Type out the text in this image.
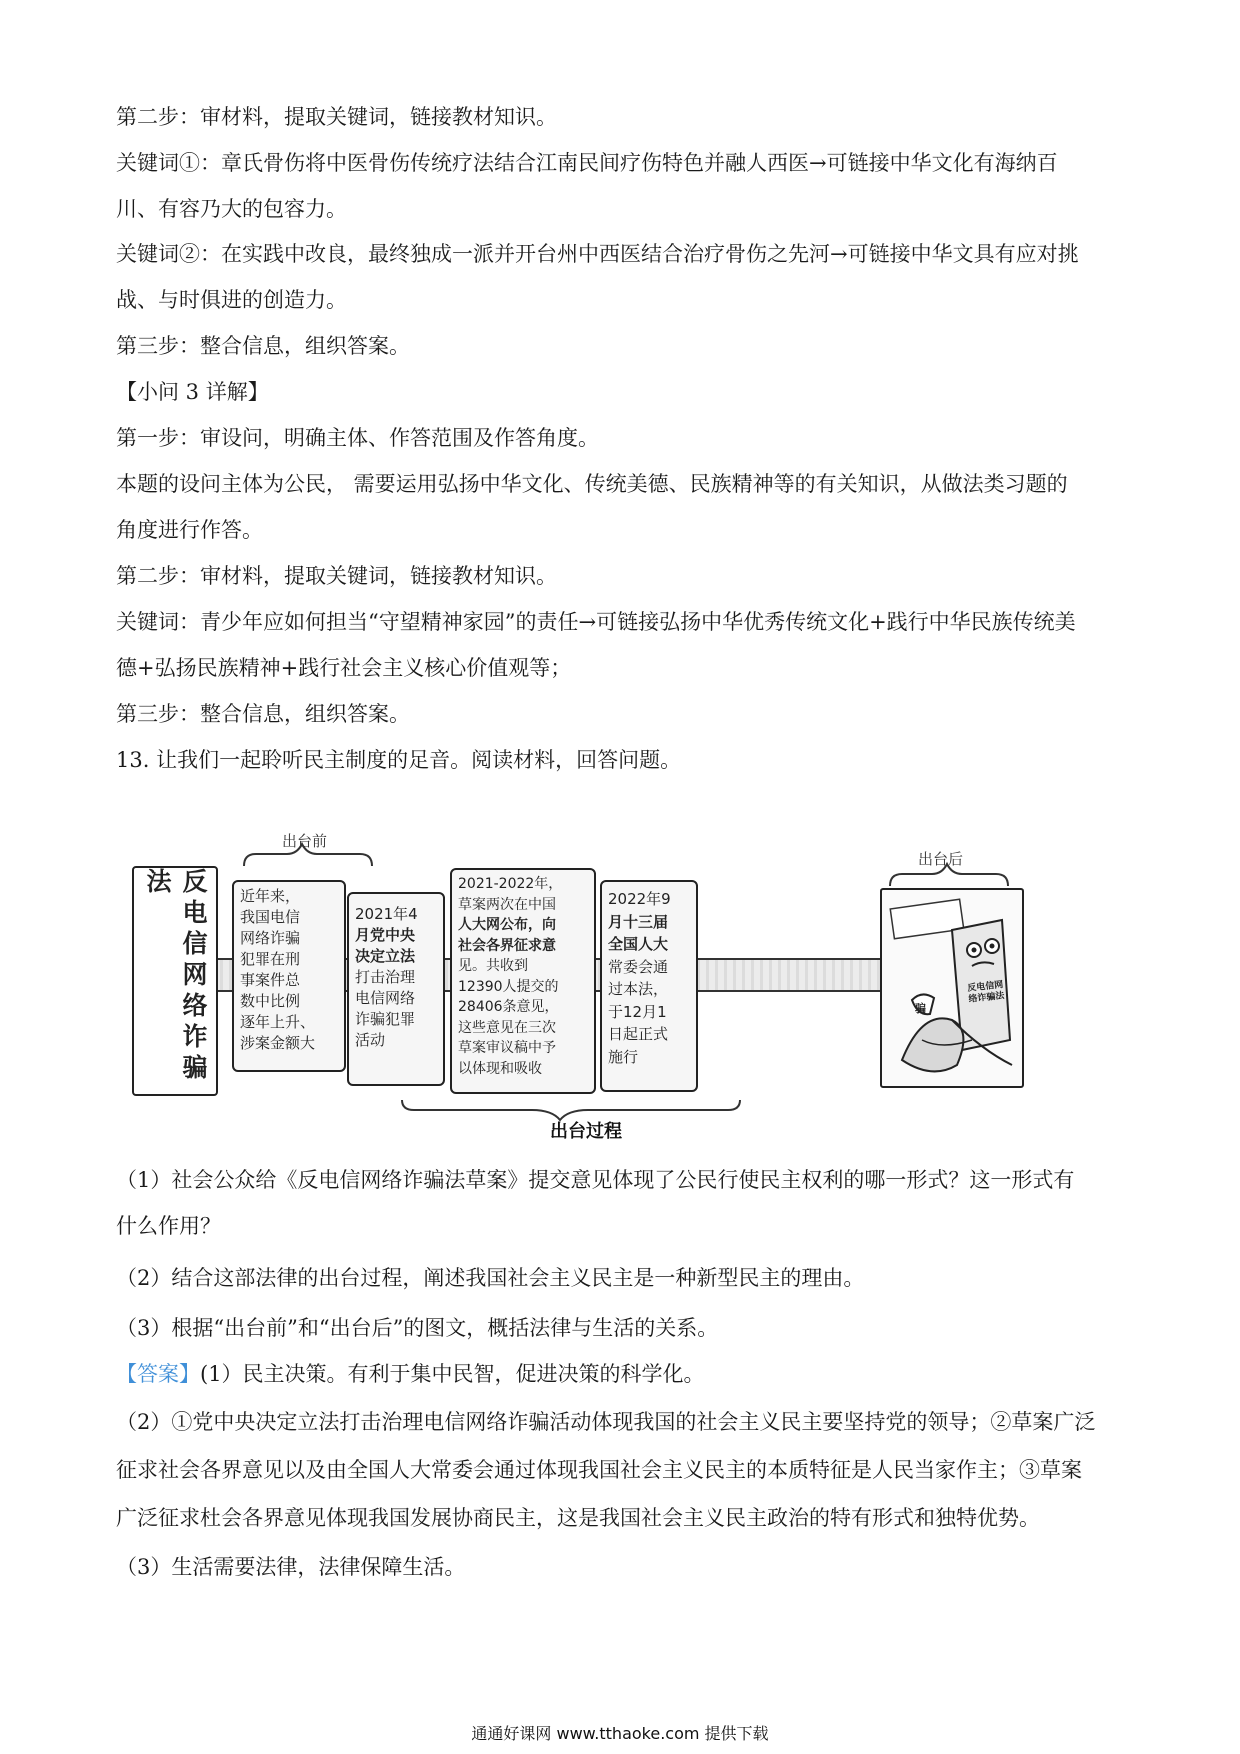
第二步：审材料，提取关键词，链接教材知识。
关键词①：章氏骨伤将中医骨伤传统疗法结合江南民间疗伤特色并融人西医→可链接中华文化有海纳百
川、有容乃大的包容力。
关键词②：在实践中改良，最终独成一派并开台州中西医结合治疗骨伤之先河→可链接中华文具有应对挑
战、与时俱进的创造力。
第三步：整合信息，组织答案。
【小问 3 详解】
第一步：审设问，明确主体、作答范围及作答角度。
本题的设问主体为公民， 需要运用弘扬中华文化、传统美德、民族精神等的有关知识，从做法类习题的
角度进行作答。
第二步：审材料，提取关键词，链接教材知识。
关键词：青少年应如何担当“守望精神家园”的责任→可链接弘扬中华优秀传统文化+践行中华民族传统美
德+弘扬民族精神+践行社会主义核心价值观等；
第三步：整合信息，组织答案。
13. 让我们一起聆听民主制度的足音。阅读材料，回答问题。
反电信网络诈骗法
出台前
出台后
出台过程
近年来，
我国电信
网络诈骗
犯罪在刑
事案件总
数中比例
逐年上升、
涉案金额大
2021年4
月党中央
决定立法
打击治理
电信网络
诈骗犯罪
活动
2021-2022年，
草案两次在中国
人大网公布，向
社会各界征求意
见。共收到
12390人提交的
28406条意见，
这些意见在三次
草案审议稿中予
以体现和吸收
2022年9
月十三届
全国人大
常委会通
过本法，
于12月1
日起正式
施行
反电信网络诈骗法
骗
（1）社会公众给《反电信网络诈骗法草案》提交意见体现了公民行使民主权利的哪一形式？这一形式有
什么作用？
（2）结合这部法律的出台过程，阐述我国社会主义民主是一种新型民主的理由。
（3）根据“出台前”和“出台后”的图文，概括法律与生活的关系。
【答案】(1）民主决策。有利于集中民智，促进决策的科学化。
（2）①党中央决定立法打击治理电信网络诈骗活动体现我国的社会主义民主要坚持党的领导；②草案广泛
征求社会各界意见以及由全国人大常委会通过体现我国社会主义民主的本质特征是人民当家作主；③草案
广泛征求杜会各界意见体现我国发展协商民主，这是我国社会主义民主政治的特有形式和独特优势。
（3）生活需要法律，法律保障生活。
通通好课网 www.tthaoke.com 提供下载
